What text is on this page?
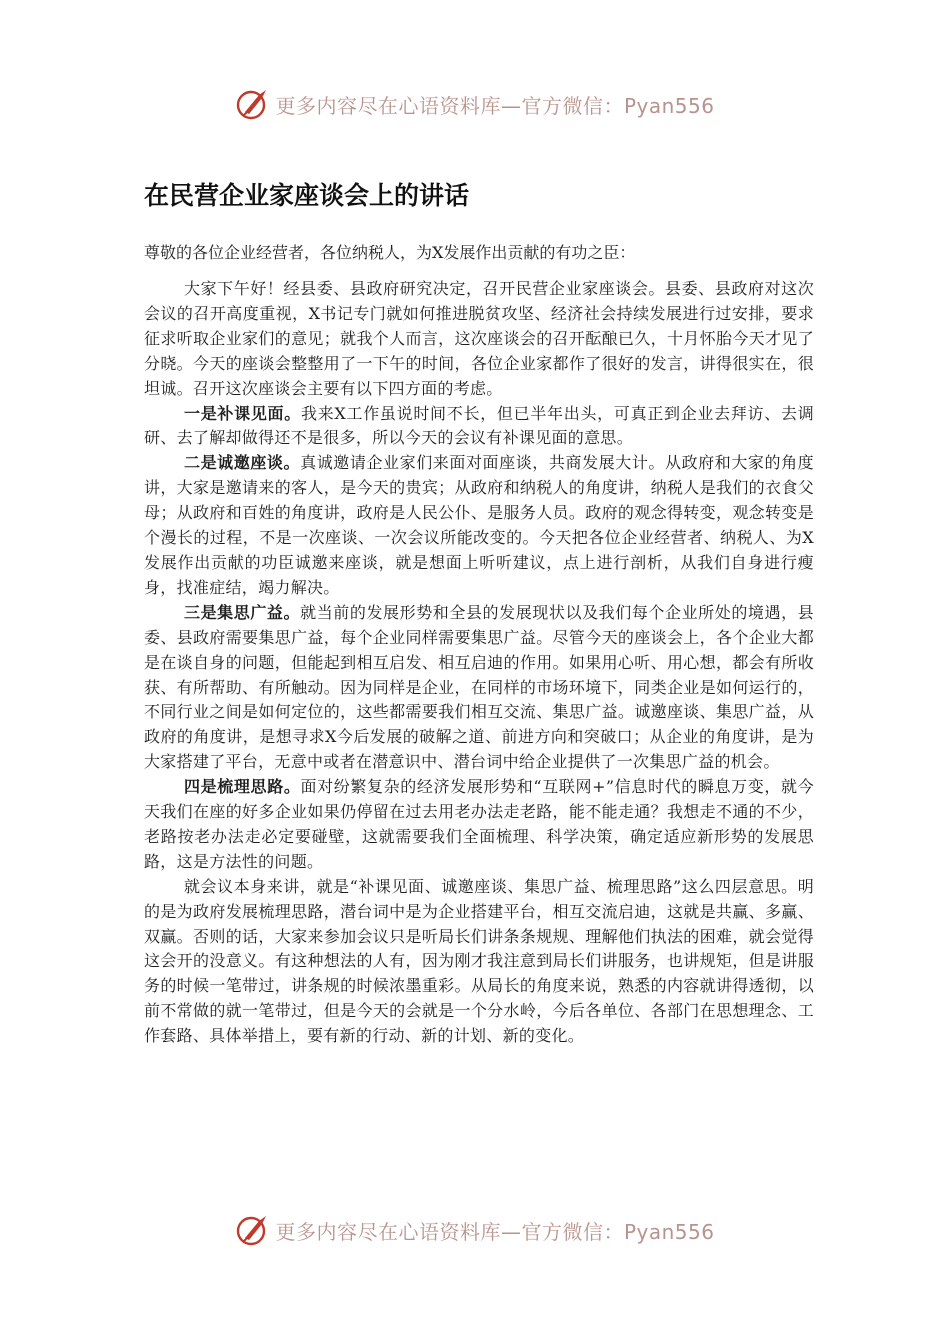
更多内容尽在心语资料库—官方微信：Pyan556
在民营企业家座谈会上的讲话

尊敬的各位企业经营者，各位纳税人，为X发展作出贡献的有功之臣：

大家下午好！经县委、县政府研究决定，召开民营企业家座谈会。县委、县政府对这次会议的召开高度重视，X书记专门就如何推进脱贫攻坚、经济社会持续发展进行过安排，要求征求听取企业家们的意见；就我个人而言，这次座谈会的召开酝酿已久，十月怀胎今天才见了分晓。今天的座谈会整整用了一下午的时间，各位企业家都作了很好的发言，讲得很实在，很坦诚。召开这次座谈会主要有以下四方面的考虑。

一是补课见面。我来X工作虽说时间不长，但已半年出头，可真正到企业去拜访、去调研、去了解却做得还不是很多，所以今天的会议有补课见面的意思。

二是诚邀座谈。真诚邀请企业家们来面对面座谈，共商发展大计。从政府和大家的角度讲，大家是邀请来的客人，是今天的贵宾；从政府和纳税人的角度讲，纳税人是我们的衣食父母；从政府和百姓的角度讲，政府是人民公仆、是服务人员。政府的观念得转变，观念转变是个漫长的过程，不是一次座谈、一次会议所能改变的。今天把各位企业经营者、纳税人、为X发展作出贡献的功臣诚邀来座谈，就是想面上听听建议，点上进行剖析，从我们自身进行瘦身，找准症结，竭力解决。

三是集思广益。就当前的发展形势和全县的发展现状以及我们每个企业所处的境遇，县委、县政府需要集思广益，每个企业同样需要集思广益。尽管今天的座谈会上，各个企业大都是在谈自身的问题，但能起到相互启发、相互启迪的作用。如果用心听、用心想，都会有所收获、有所帮助、有所触动。因为同样是企业，在同样的市场环境下，同类企业是如何运行的，不同行业之间是如何定位的，这些都需要我们相互交流、集思广益。诚邀座谈、集思广益，从政府的角度讲，是想寻求X今后发展的破解之道、前进方向和突破口；从企业的角度讲，是为大家搭建了平台，无意中或者在潜意识中、潜台词中给企业提供了一次集思广益的机会。

四是梳理思路。面对纷繁复杂的经济发展形势和“互联网+”信息时代的瞬息万变，就今天我们在座的好多企业如果仍停留在过去用老办法走老路，能不能走通？我想走不通的不少，老路按老办法走必定要碰壁，这就需要我们全面梳理、科学决策，确定适应新形势的发展思路，这是方法性的问题。

就会议本身来讲，就是“补课见面、诚邀座谈、集思广益、梳理思路”这么四层意思。明的是为政府发展梳理思路，潜台词中是为企业搭建平台，相互交流启迪，这就是共赢、多赢、双赢。否则的话，大家来参加会议只是听局长们讲条条规规、理解他们执法的困难，就会觉得这会开的没意义。有这种想法的人有，因为刚才我注意到局长们讲服务，也讲规矩，但是讲服务的时候一笔带过，讲条规的时候浓墨重彩。从局长的角度来说，熟悉的内容就讲得透彻，以前不常做的就一笔带过，但是今天的会就是一个分水岭，今后各单位、各部门在思想理念、工作套路、具体举措上，要有新的行动、新的计划、新的变化。

更多内容尽在心语资料库—官方微信：Pyan556
